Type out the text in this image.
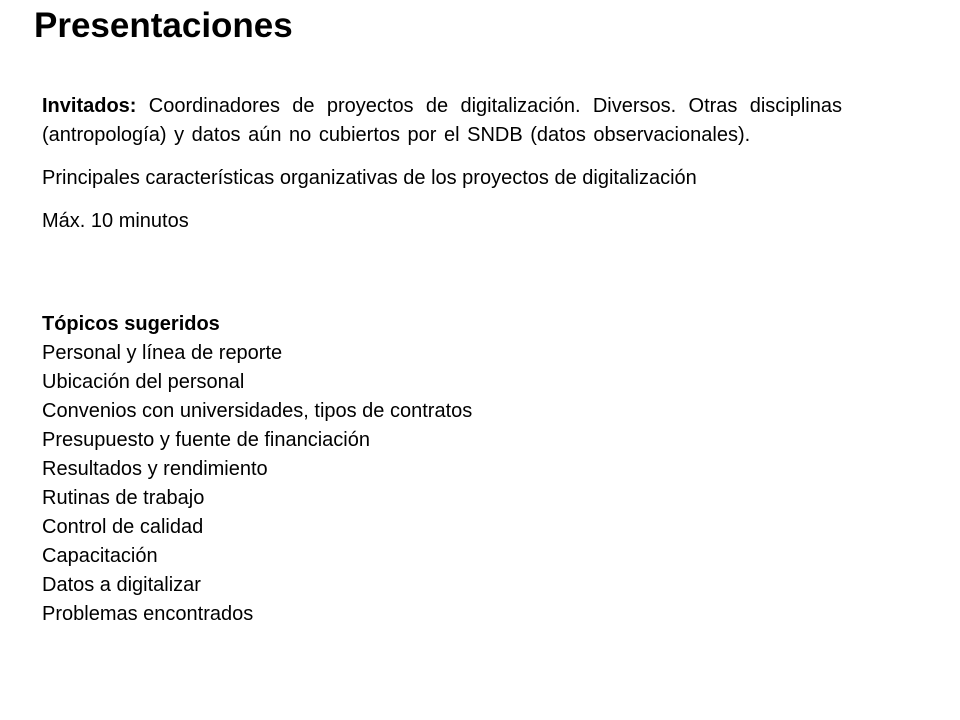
Presentaciones

Invitados: Coordinadores de proyectos de digitalización. Diversos. Otras disciplinas (antropología) y datos aún no cubiertos por el SNDB (datos observacionales).

Principales características organizativas de los proyectos de digitalización

Máx. 10 minutos

Tópicos sugeridos
Personal y línea de reporte
Ubicación del personal
Convenios con universidades, tipos de contratos
Presupuesto y fuente de financiación
Resultados y rendimiento
Rutinas de trabajo
Control de calidad
Capacitación
Datos a digitalizar
Problemas encontrados
